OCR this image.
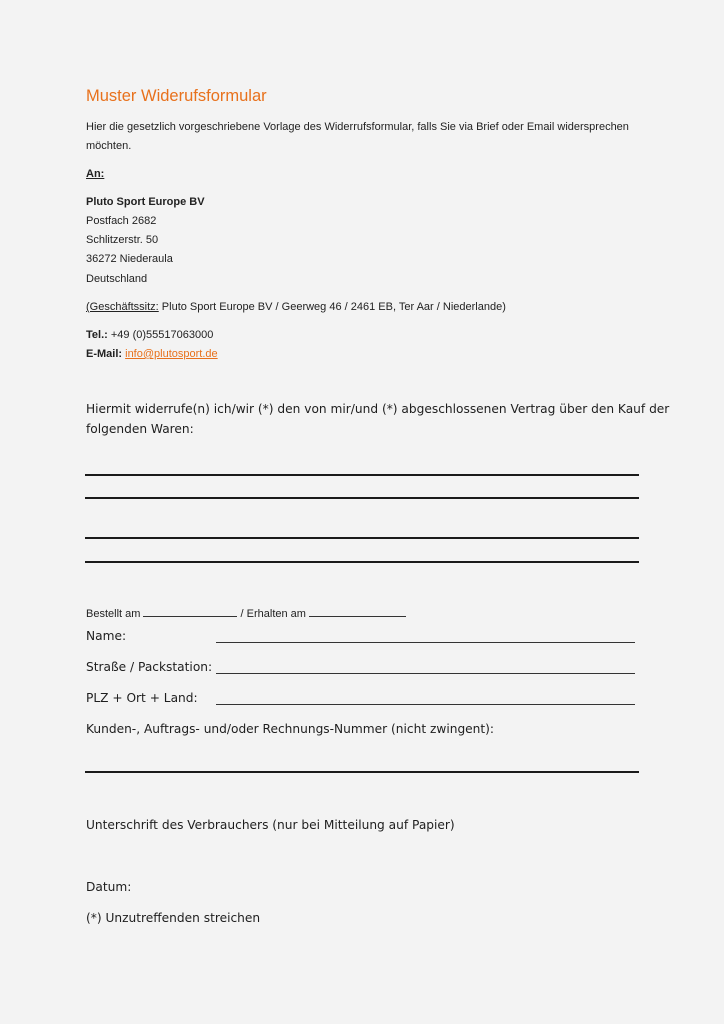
Muster Widerufsformular
Hier die gesetzlich vorgeschriebene Vorlage des Widerrufsformular, falls Sie via Brief oder Email widersprechen
möchten.
An:
Pluto Sport Europe BV
Postfach 2682
Schlitzerstr. 50
36272 Niederaula
Deutschland
(Geschäftssitz: Pluto Sport Europe BV / Geerweg 46 / 2461 EB, Ter Aar / Niederlande)
Tel.: +49 (0)55517063000
E-Mail: info@plutosport.de
Hiermit widerrufe(n) ich/wir (*) den von mir/und (*) abgeschlossenen Vertrag über den Kauf der
folgenden Waren:
Bestellt am	/ Erhalten am
Name:
Straße / Packstation:
PLZ + Ort + Land:
Kunden-, Auftrags- und/oder Rechnungs-Nummer (nicht zwingent):
Unterschrift des Verbrauchers (nur bei Mitteilung auf Papier)
Datum:
(*) Unzutreffenden streichen
